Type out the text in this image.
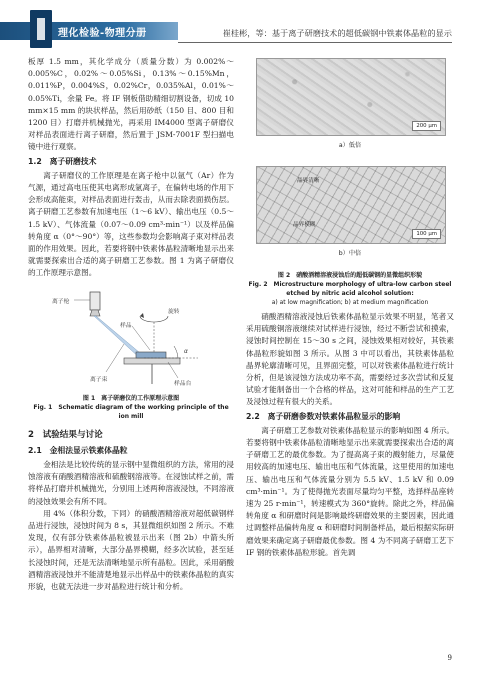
理化检验-物理分册	崔桂彬，等：基于离子研磨技术的超低碳钢中铁素体晶粒的显示

板厚 1.5 mm，其化学成分（质量分数）为 0.002%～0.005%C，0.02%～0.05%Si，0.13%～0.15%Mn，0.011%P，0.004%S，0.02%Cr，0.035%Al，0.01%～0.05%Ti，余量 Fe。将 IF 钢板借助精细切割设备，切成 10 mm×15 mm 的块状样品，然后用砂纸（150 目、800 目和 1200 目）打磨并机械抛光，再采用 IM4000 型离子研磨仪对样品表面进行离子研磨，然后置于 JSM-7001F 型扫描电镜中进行观察。

1.2　离子研磨技术

离子研磨仪的工作原理是在离子枪中以氩气（Ar）作为气源，通过高电压使其电离形成氩离子，在偏转电场的作用下会形成高能束，对样品表面进行轰击，从而去除表面损伤层。离子研磨工艺参数有加速电压（1～6 kV）、输出电压（0.5～1.5 kV）、气体流量（0.07～0.09 cm³·min⁻¹）以及样品偏转角度 α（0°～90°）等，这些参数均会影响离子束对样品表面的作用效果。因此，若要将钢中铁素体晶粒清晰地显示出来就需要探索出合适的离子研磨工艺参数。图 1 为离子研磨仪的工作原理示意图。

离子枪
样品
旋转
离子束
样品台
α
图 1　离子研磨仪的工作原理示意图
Fig. 1　Schematic diagram of the working principle of the ion mill
2　试验结果与讨论
2.1　金相法显示铁素体晶粒

金相法是比较传统的显示钢中显微组织的方法，常用的浸蚀溶液有硝酸酒精溶液和硫酸钢溶液等。在浸蚀试样之前，需将样品打磨并机械抛光，分别用上述两种溶液浸蚀，不同溶液的浸蚀效果会有所不同。

用 4%（体积分数，下同）的硝酸酒精溶液对超低碳钢样品进行浸蚀，浸蚀时间为 8 s，其显微组织如图 2 所示。不难发现，仅有部分铁素体晶粒被显示出来（图 2b）中箭头所示），晶界相对清晰，大部分晶界模糊，经多次试验，甚至延长浸蚀时间，还是无法清晰地显示所有晶粒。因此，采用硝酸酒精溶液浸蚀并不能清楚地显示出样品中的铁素体晶粒的真实形貌，也就无法进一步对晶粒进行统计和分析。

200 μm
a）低倍
晶界清晰
晶界模糊
100 μm
b）中倍
图 2　硝酸酒精溶液浸蚀后的超低碳钢的显微组织形貌
Fig. 2　Microstructure morphology of ultra-low carbon steel
etched by nitric acid alcohol solution:
a) at low magnification; b) at medium magnification

硝酸酒精溶液浸蚀后铁素体晶粒显示效果不明显，笔者又采用硫酸铜溶液继续对试样进行浸蚀，经过不断尝试和摸索，浸蚀时间控制在 15～30 s 之间，浸蚀效果相对较好，其铁素体晶粒形貌如图 3 所示。从图 3 中可以看出，其铁素体晶粒晶界轮廓清晰可见，且界面完整，可以对铁素体晶粒进行统计分析，但是该浸蚀方法成功率不高，需要经过多次尝试和反复试验才能制备出一个合格的样品，这对可能和样品的生产工艺及浸蚀过程有很大的关系。

2.2　离子研磨参数对铁素体晶粒显示的影响

离子研磨工艺参数对铁素体晶粒显示的影响如图 4 所示。若要将钢中铁素体晶粒清晰地显示出来就需要探索出合适的离子研磨工艺的最优参数。为了提高离子束的溅射能力，尽量使用较高的加速电压、输出电压和气体流量，这里使用的加速电压、输出电压和气体流量分别为 5.5 kV、1.5 kV 和 0.09 cm³·min⁻¹。为了使得抛光表面尽量均匀平整，选择样品座转速为 25 r·min⁻¹，转速模式为 360°旋转。除此之外，样品偏转角度 α 和研磨时间是影响最终研磨效果的主要因素，因此通过调整样品偏转角度 α 和研磨时间制备样品，最后根据实际研磨效果来确定离子研磨最优参数。图 4 为不同离子研磨工艺下 IF 钢的铁素体晶粒形貌。首先调

9
